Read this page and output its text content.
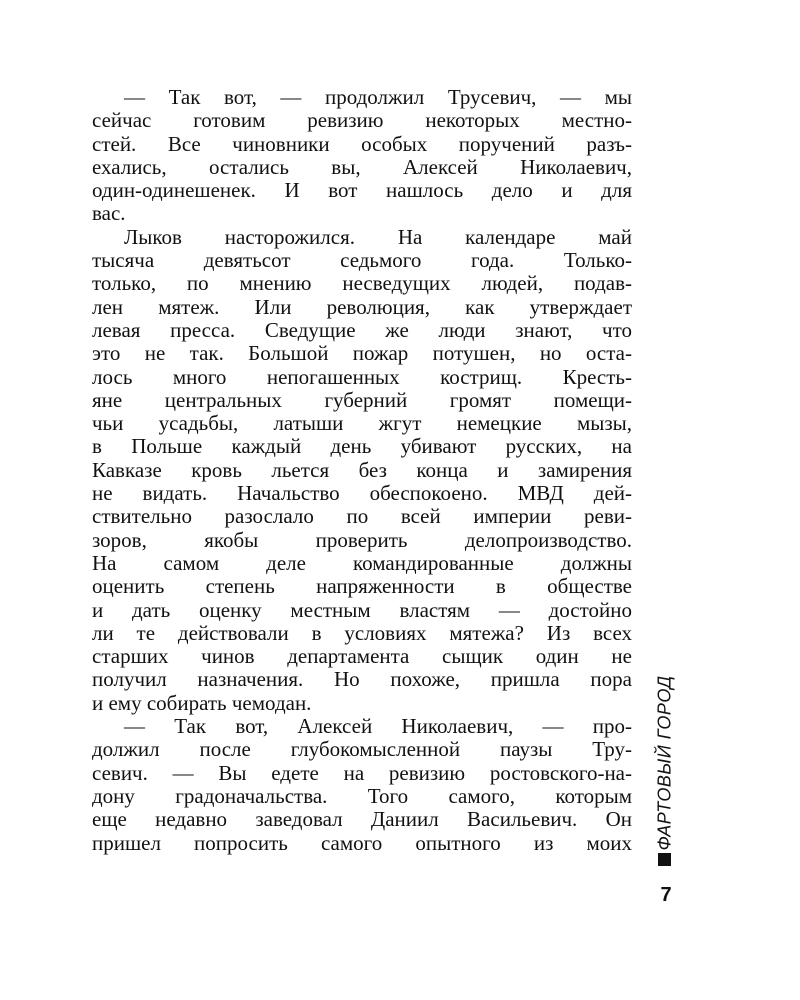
— Так вот, — продолжил Трусевич, — мы
сейчас готовим ревизию некоторых местно-
стей. Все чиновники особых поручений разъ-
ехались, остались вы, Алексей Николаевич,
один-одинешенек. И вот нашлось дело и для
вас.
Лыков насторожился. На календаре май
тысяча девятьсот седьмого года. Только-
только, по мнению несведущих людей, подав-
лен мятеж. Или революция, как утверждает
левая пресса. Сведущие же люди знают, что
это не так. Большой пожар потушен, но оста-
лось много непогашенных кострищ. Кресть-
яне центральных губерний громят помещи-
чьи усадьбы, латыши жгут немецкие мызы,
в Польше каждый день убивают русских, на
Кавказе кровь льется без конца и замирения
не видать. Начальство обеспокоено. МВД дей-
ствительно разослало по всей империи реви-
зоров, якобы проверить делопроизводство.
На самом деле командированные должны
оценить степень напряженности в обществе
и дать оценку местным властям — достойно
ли те действовали в условиях мятежа? Из всех
старших чинов департамента сыщик один не
получил назначения. Но похоже, пришла пора
и ему собирать чемодан.
— Так вот, Алексей Николаевич, — про-
должил после глубокомысленной паузы Тру-
севич. — Вы едете на ревизию ростовского-на-
дону градоначальства. Того самого, которым
еще недавно заведовал Даниил Васильевич. Он
пришел попросить самого опытного из моих ФАРТОВЫЙ ГОРОД
7
